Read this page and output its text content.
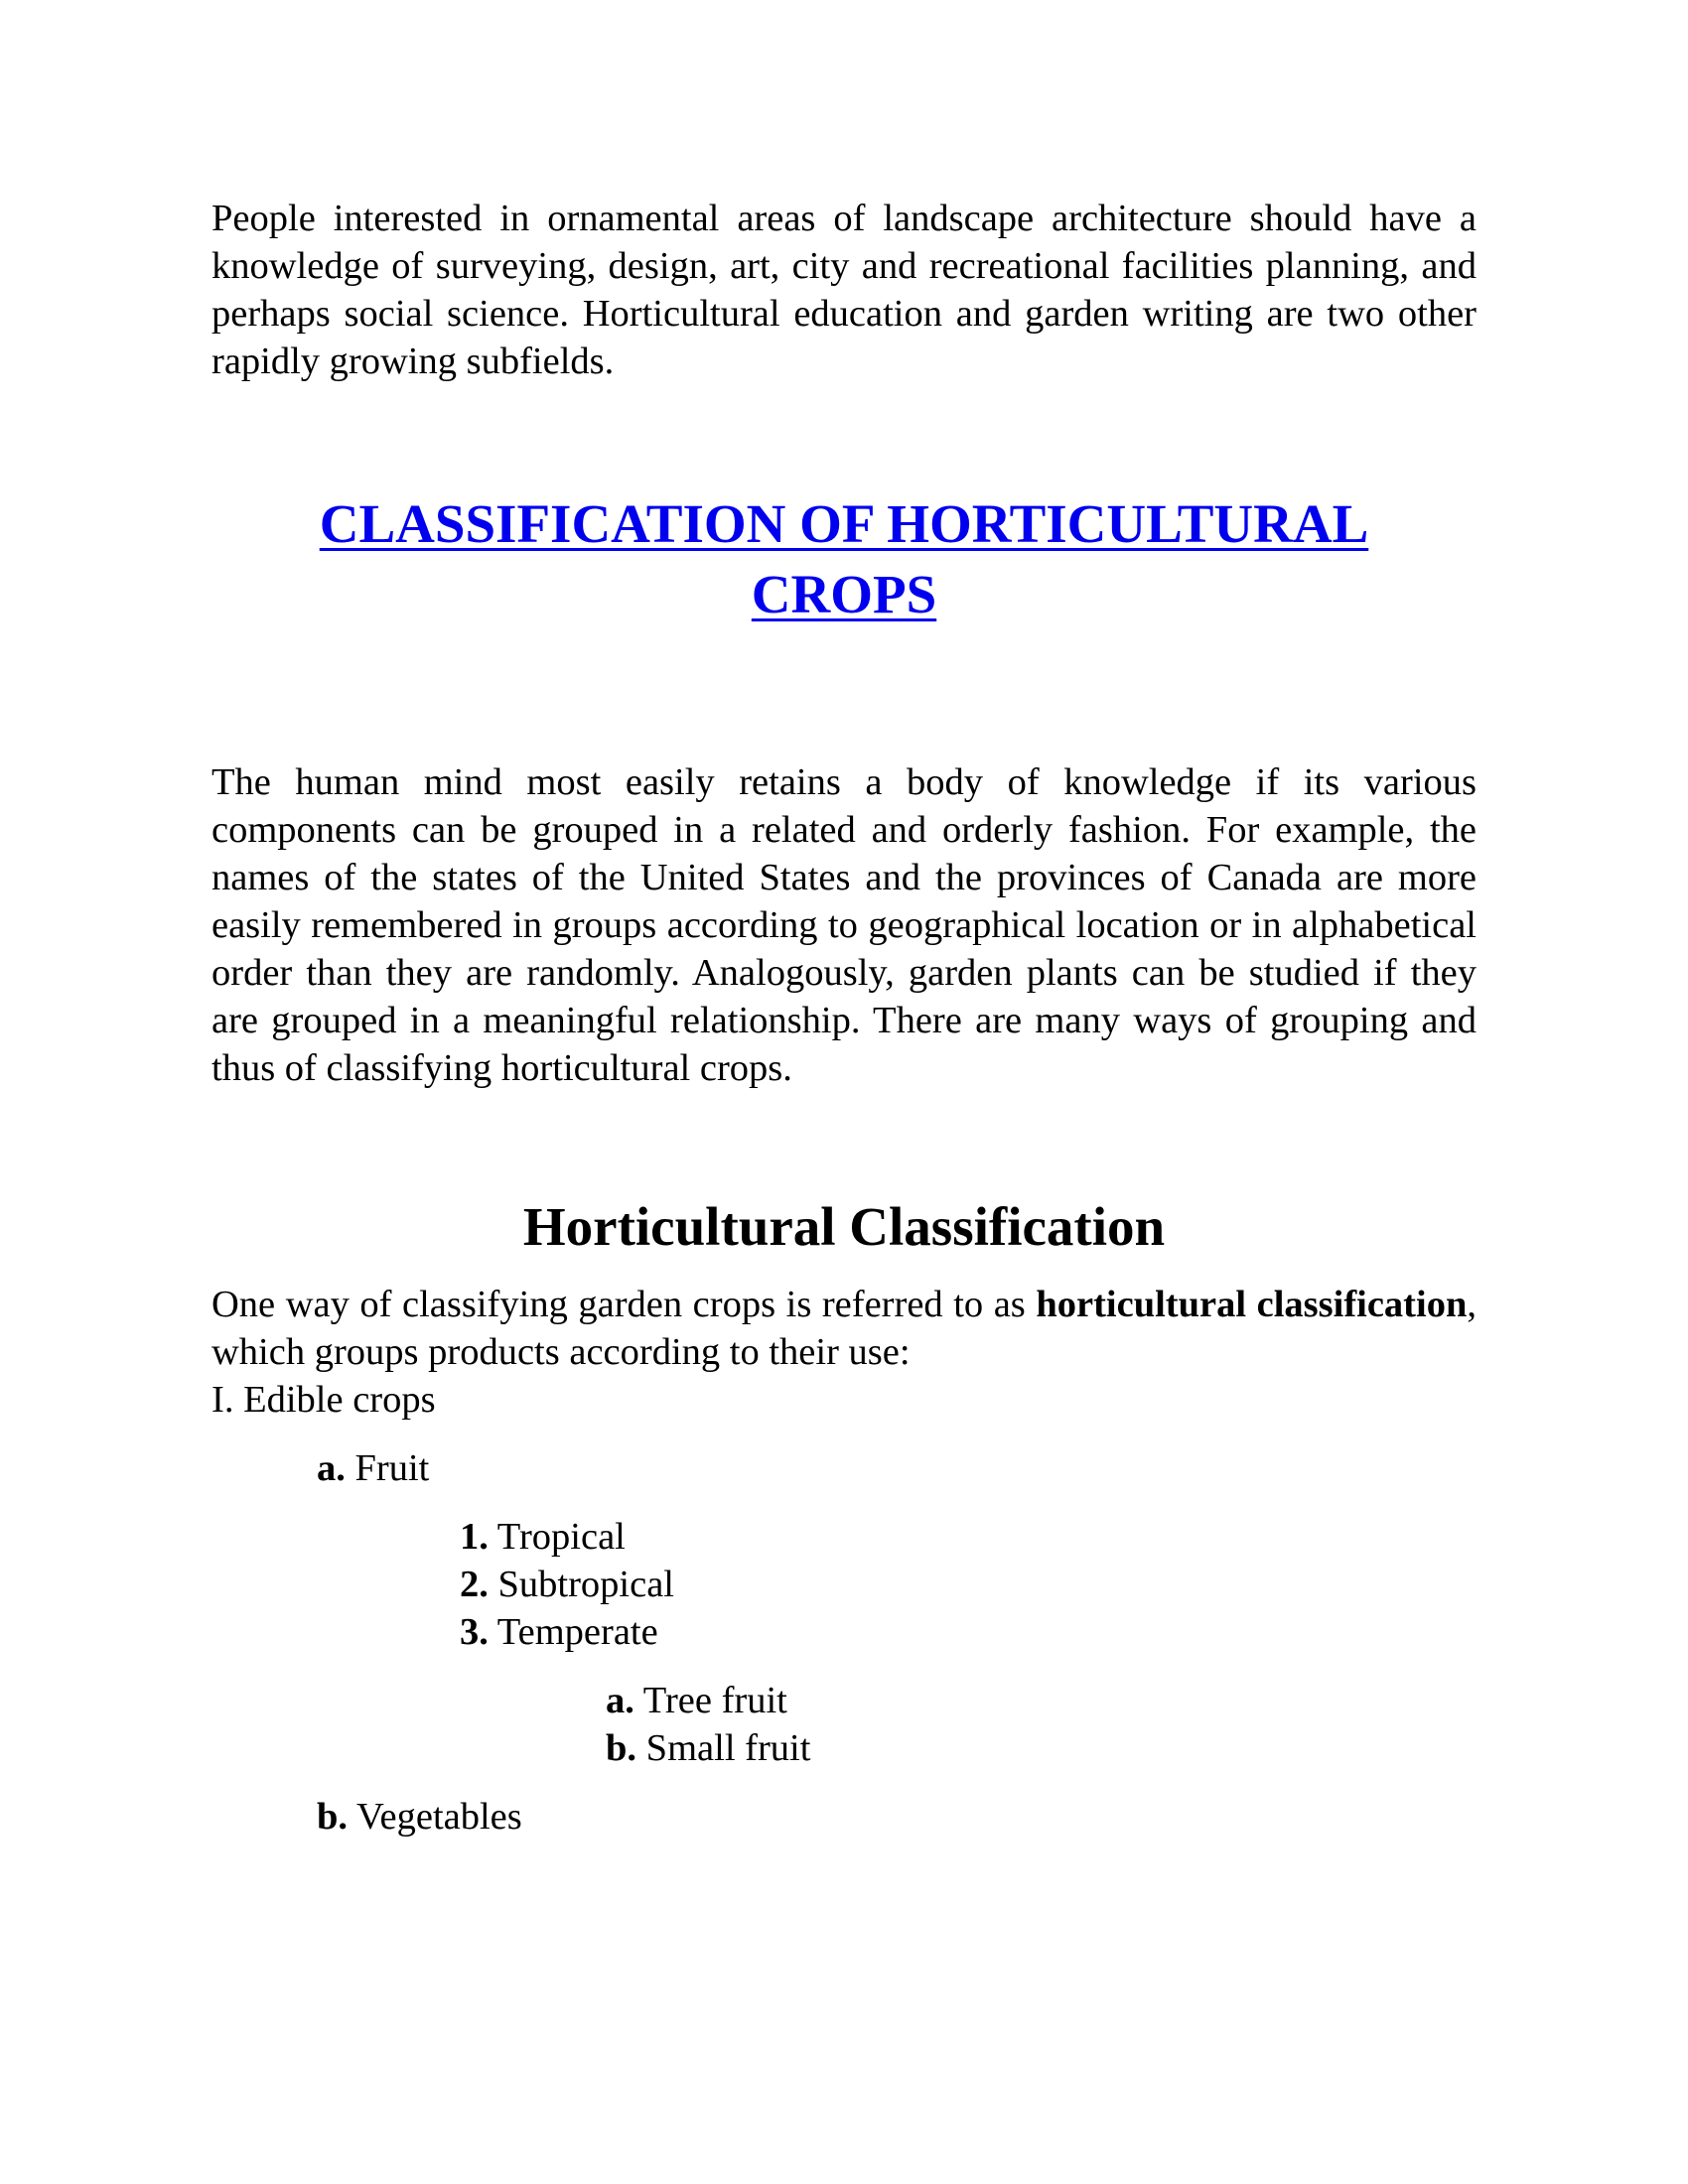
People interested in ornamental areas of landscape architecture should have a knowledge of surveying, design, art, city and recreational facilities planning, and perhaps social science. Horticultural education and garden writing are two other rapidly growing subfields.

CLASSIFICATION OF HORTICULTURAL
CROPS

The human mind most easily retains a body of knowledge if its various components can be grouped in a related and orderly fashion. For example, the names of the states of the United States and the provinces of Canada are more easily remembered in groups according to geographical location or in alphabetical order than they are randomly. Analogously, garden plants can be studied if they are grouped in a meaningful relationship. There are many ways of grouping and thus of classifying horticultural crops.

Horticultural Classification

One way of classifying garden crops is referred to as horticultural classification, which groups products according to their use:

I. Edible crops

a. Fruit

1. Tropical

2. Subtropical

3. Temperate

a. Tree fruit

b. Small fruit

b. Vegetables
